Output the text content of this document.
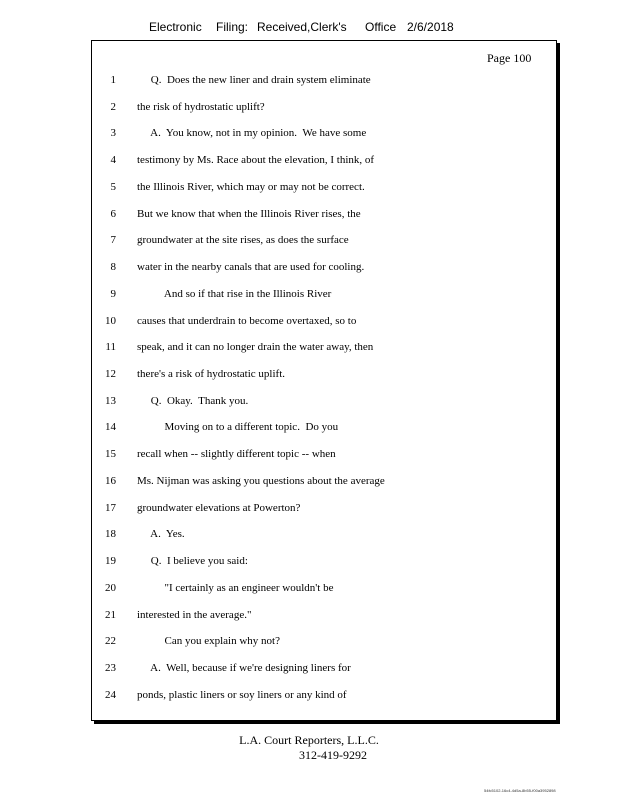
Electronic Filing: Received,Clerk's Office 2/6/2018
Page 100
1 Q.  Does the new liner and drain system eliminate
2 the risk of hydrostatic uplift?
3 A.  You know, not in my opinion.  We have some
4 testimony by Ms. Race about the elevation, I think, of
5 the Illinois River, which may or may not be correct.
6 But we know that when the Illinois River rises, the
7 groundwater at the site rises, as does the surface
8 water in the nearby canals that are used for cooling.
9 And so if that rise in the Illinois River
10 causes that underdrain to become overtaxed, so to
11 speak, and it can no longer drain the water away, then
12 there's a risk of hydrostatic uplift.
13 Q.  Okay.  Thank you.
14 Moving on to a different topic.  Do you
15 recall when -- slightly different topic -- when
16 Ms. Nijman was asking you questions about the average
17 groundwater elevations at Powerton?
18 A.  Yes.
19 Q.  I believe you said:
20 "I certainly as an engineer wouldn't be
21 interested in the average."
22 Can you explain why not?
23 A.  Well, because if we're designing liners for
24 ponds, plastic liners or soy liners or any kind of
L.A. Court Reporters, L.L.C.
312-419-9292
54fc5102-16c4-4d5a-8b55-f00a3952898
